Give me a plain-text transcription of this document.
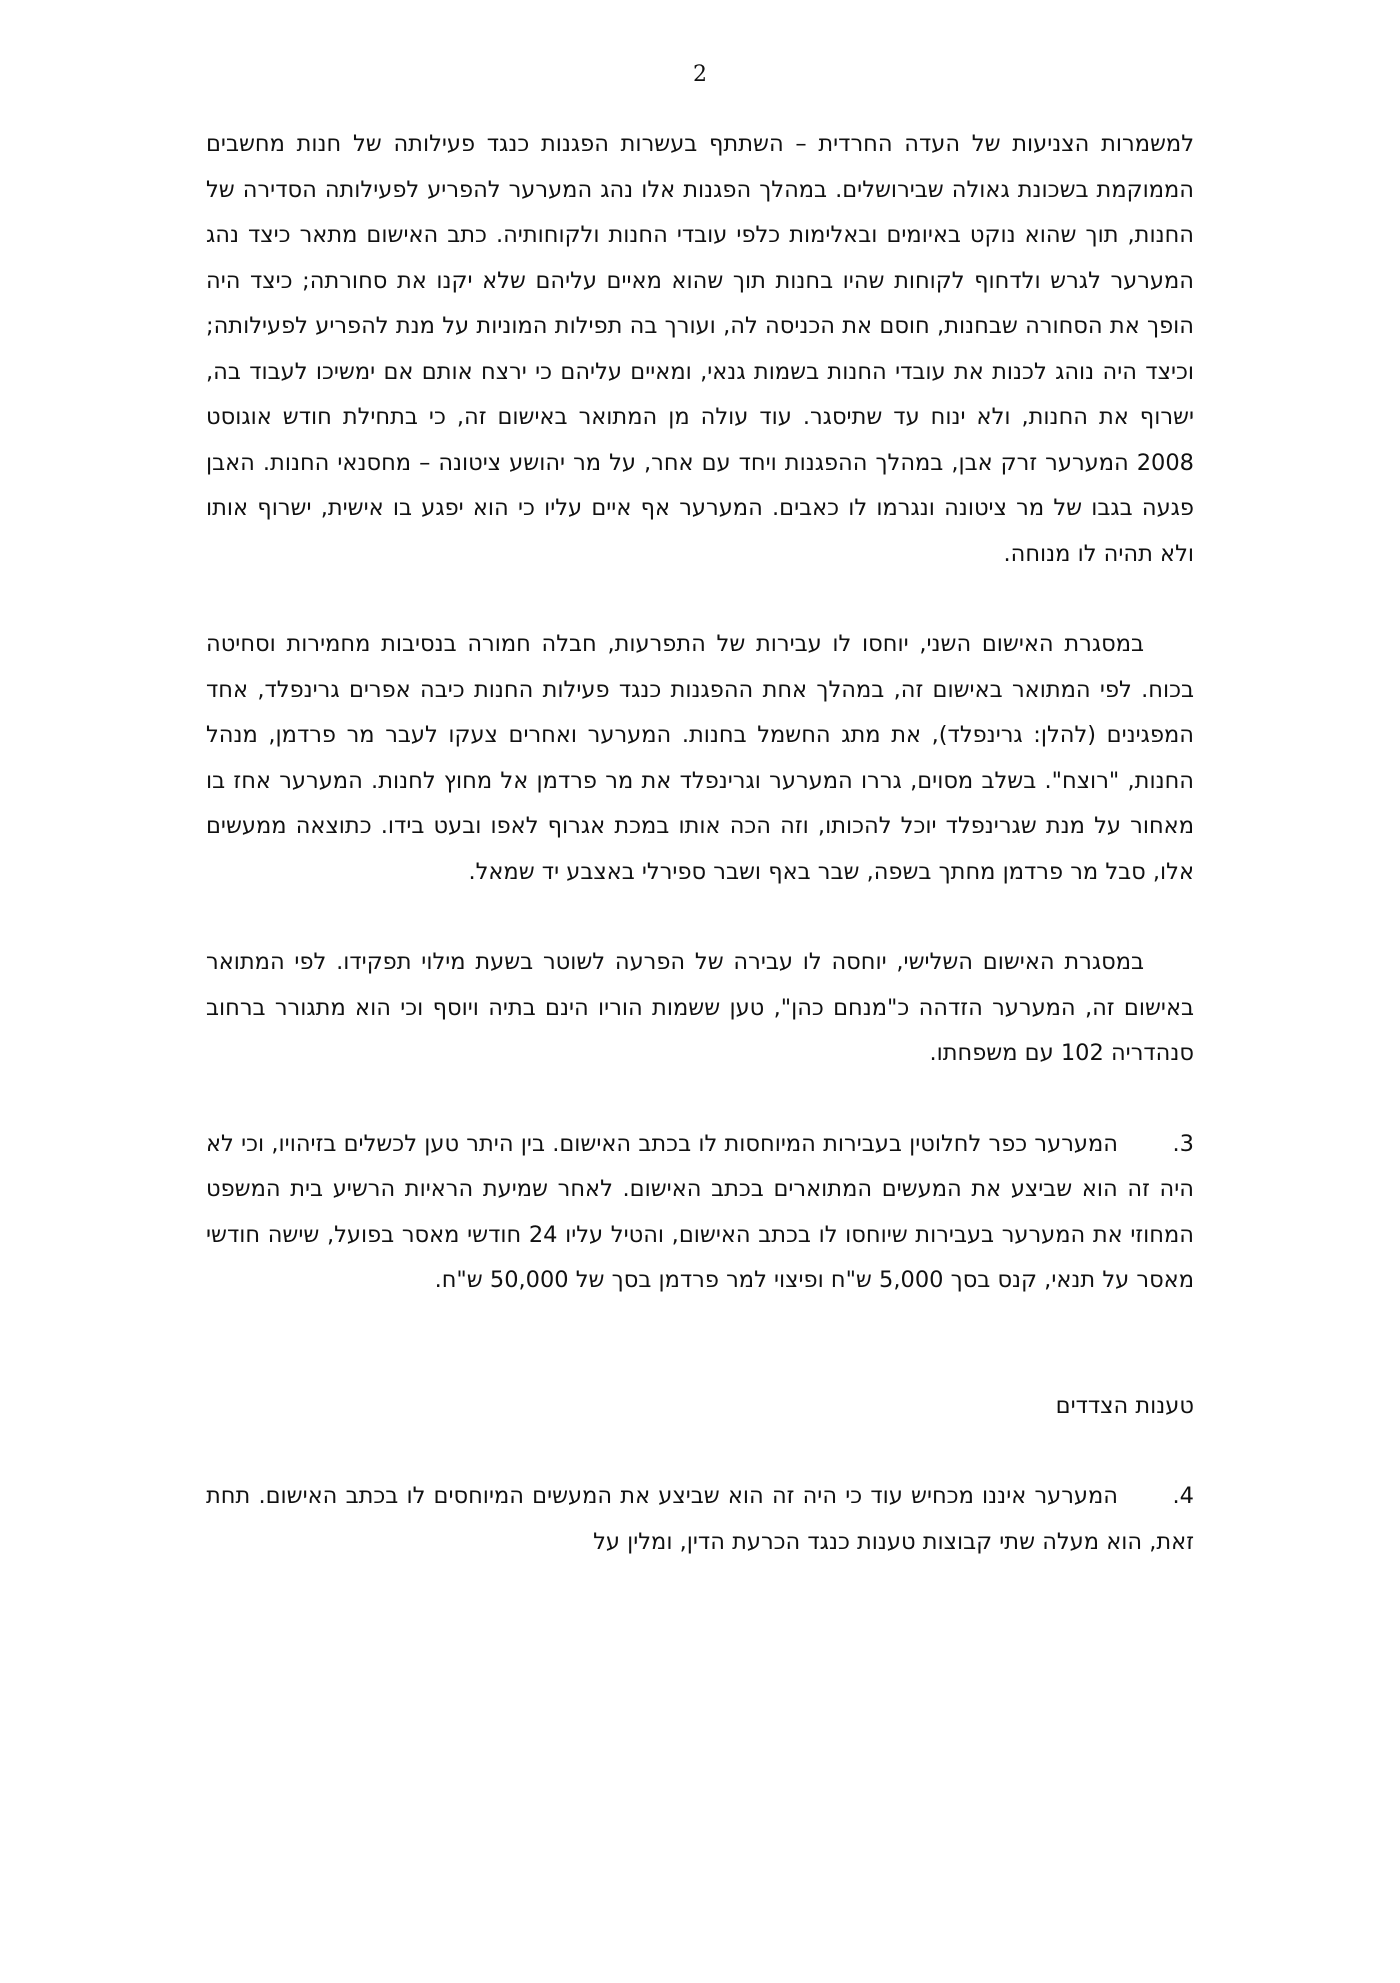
2

למשמרות הצניעות של העדה החרדית – השתתף בעשרות הפגנות כנגד פעילותה של חנות מחשבים הממוקמת בשכונת גאולה שבירושלים. במהלך הפגנות אלו נהג המערער להפריע לפעילותה הסדירה של החנות, תוך שהוא נוקט באיומים ובאלימות כלפי עובדי החנות ולקוחותיה. כתב האישום מתאר כיצד נהג המערער לגרש ולדחוף לקוחות שהיו בחנות תוך שהוא מאיים עליהם שלא יקנו את סחורתה; כיצד היה הופך את הסחורה שבחנות, חוסם את הכניסה לה, ועורך בה תפילות המוניות על מנת להפריע לפעילותה; וכיצד היה נוהג לכנות את עובדי החנות בשמות גנאי, ומאיים עליהם כי ירצח אותם אם ימשיכו לעבוד בה, ישרוף את החנות, ולא ינוח עד שתיסגר. עוד עולה מן המתואר באישום זה, כי בתחילת חודש אוגוסט 2008 המערער זרק אבן, במהלך ההפגנות ויחד עם אחר, על מר יהושע ציטונה – מחסנאי החנות. האבן פגעה בגבו של מר ציטונה ונגרמו לו כאבים. המערער אף איים עליו כי הוא יפגע בו אישית, ישרוף אותו ולא תהיה לו מנוחה.

במסגרת האישום השני, יוחסו לו עבירות של התפרעות, חבלה חמורה בנסיבות מחמירות וסחיטה בכוח. לפי המתואר באישום זה, במהלך אחת ההפגנות כנגד פעילות החנות כיבה אפרים גרינפלד, אחד המפגינים (להלן: גרינפלד), את מתג החשמל בחנות. המערער ואחרים צעקו לעבר מר פרדמן, מנהל החנות, "רוצח". בשלב מסוים, גררו המערער וגרינפלד את מר פרדמן אל מחוץ לחנות. המערער אחז בו מאחור על מנת שגרינפלד יוכל להכותו, וזה הכה אותו במכת אגרוף לאפו ובעט בידו. כתוצאה ממעשים אלו, סבל מר פרדמן מחתך בשפה, שבר באף ושבר ספירלי באצבע יד שמאל.

במסגרת האישום השלישי, יוחסה לו עבירה של הפרעה לשוטר בשעת מילוי תפקידו. לפי המתואר באישום זה, המערער הזדהה כ"מנחם כהן", טען ששמות הוריו הינם בתיה ויוסף וכי הוא מתגורר ברחוב סנהדריה 102 עם משפחתו.

3.המערער כפר לחלוטין בעבירות המיוחסות לו בכתב האישום. בין היתר טען לכשלים בזיהויו, וכי לא היה זה הוא שביצע את המעשים המתוארים בכתב האישום. לאחר שמיעת הראיות הרשיע בית המשפט המחוזי את המערער בעבירות שיוחסו לו בכתב האישום, והטיל עליו 24 חודשי מאסר בפועל, שישה חודשי מאסר על תנאי, קנס בסך 5,000 ש"ח ופיצוי למר פרדמן בסך של 50,000 ש"ח.

טענות הצדדים

4.המערער איננו מכחיש עוד כי היה זה הוא שביצע את המעשים המיוחסים לו בכתב האישום. תחת זאת, הוא מעלה שתי קבוצות טענות כנגד הכרעת הדין, ומלין על
